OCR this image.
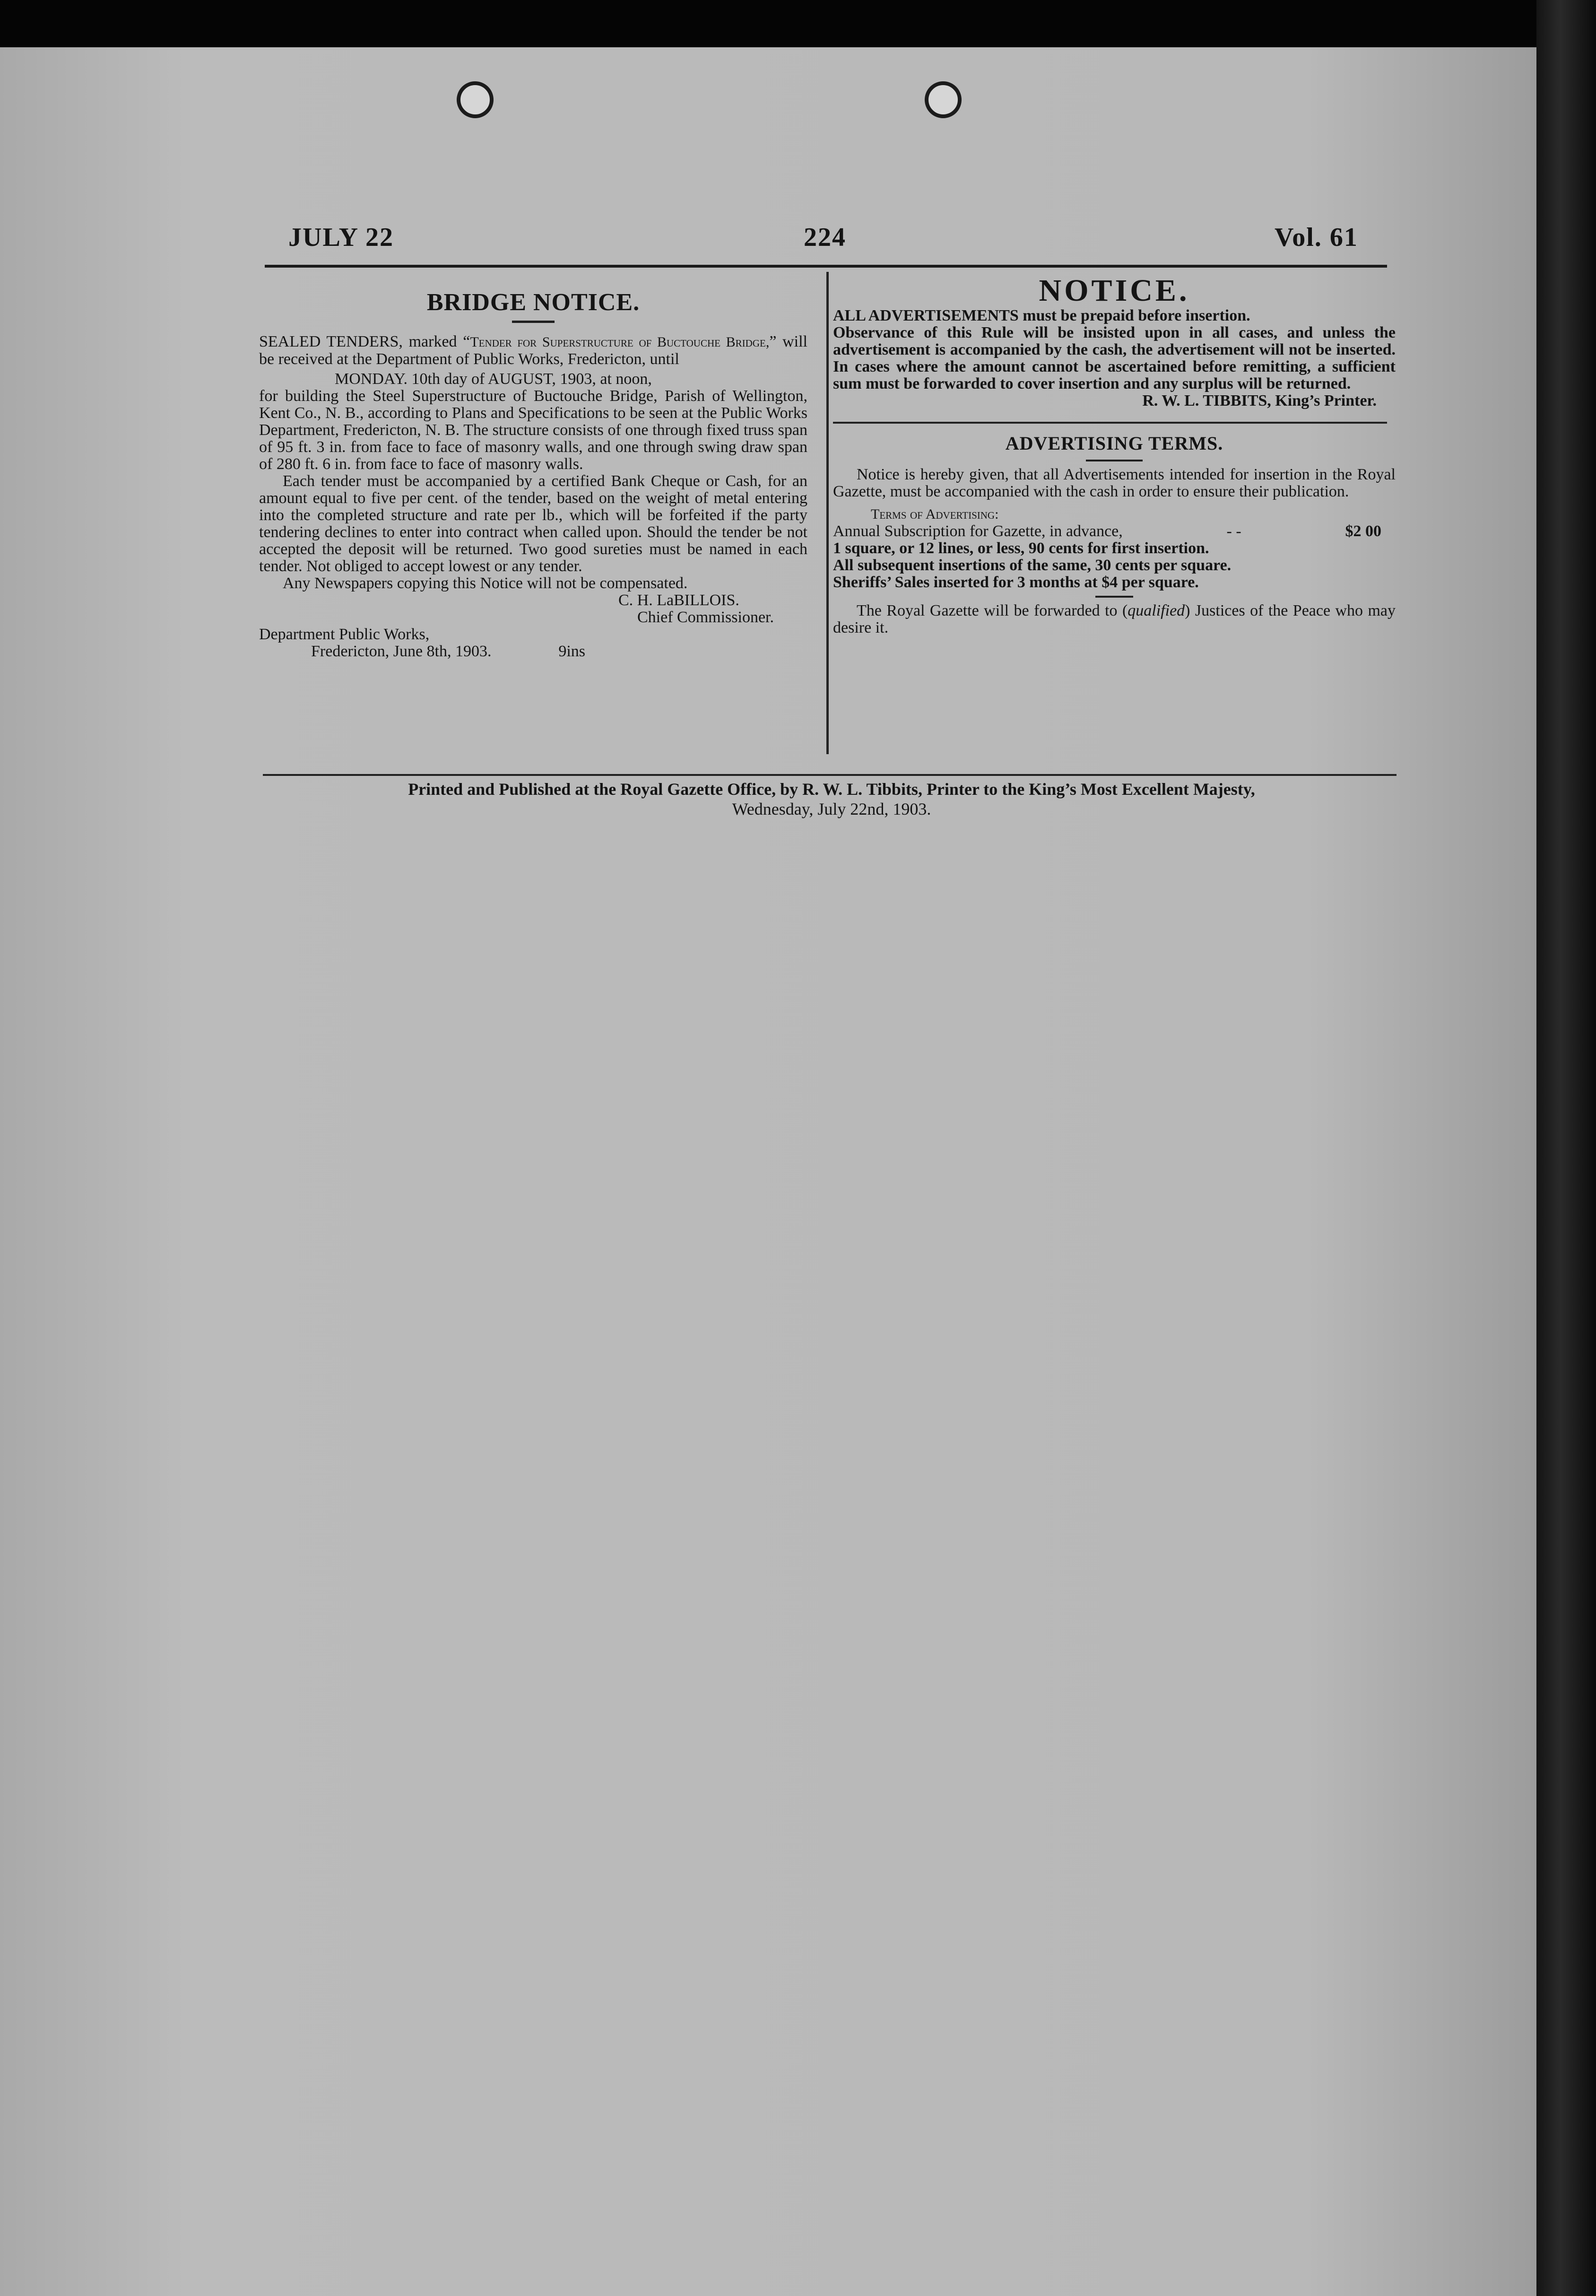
JULY 22	224	Vol. 61
BRIDGE NOTICE.

SEALED TENDERS, marked “Tender for Superstructure of Buctouche Bridge,” will be received at the Department of Public Works, Fredericton, until

MONDAY. 10th day of AUGUST, 1903, at noon,

for building the Steel Superstructure of Buctouche Bridge, Parish of Wellington, Kent Co., N. B., according to Plans and Specifications to be seen at the Public Works Department, Fredericton, N. B. The structure consists of one through fixed truss span of 95 ft. 3 in. from face to face of masonry walls, and one through swing draw span of 280 ft. 6 in. from face to face of masonry walls.

Each tender must be accompanied by a certified Bank Cheque or Cash, for an amount equal to five per cent. of the tender, based on the weight of metal entering into the completed structure and rate per lb., which will be forfeited if the party tendering declines to enter into contract when called upon. Should the tender be not accepted the deposit will be returned. Two good sureties must be named in each tender. Not obliged to accept lowest or any tender.

Any Newspapers copying this Notice will not be compensated.
C. H. LaBILLOIS.
Chief Commissioner.
Department Public Works,
Fredericton, June 8th, 1903.	9ins
NOTICE.

ALL ADVERTISEMENTS must be prepaid before insertion.

Observance of this Rule will be insisted upon in all cases, and unless the advertisement is accompanied by the cash, the advertisement will not be inserted. In cases where the amount cannot be ascertained before remitting, a sufficient sum must be forwarded to cover insertion and any surplus will be returned.

R. W. L. TIBBITS, King’s Printer.
ADVERTISING TERMS.

Notice is hereby given, that all Advertisements intended for insertion in the Royal Gazette, must be accompanied with the cash in order to ensure their publication.

Terms of Advertising:
Annual Subscription for Gazette, in advance,	- -	$2 00
1 square, or 12 lines, or less, 90 cents for first insertion.
All subsequent insertions of the same, 30 cents per square.
Sheriffs’ Sales inserted for 3 months at $4 per square.

The Royal Gazette will be forwarded to (qualified) Justices of the Peace who may desire it.

Printed and Published at the Royal Gazette Office, by R. W. L. Tibbits, Printer to the King’s Most Excellent Majesty,
Wednesday, July 22nd, 1903.
